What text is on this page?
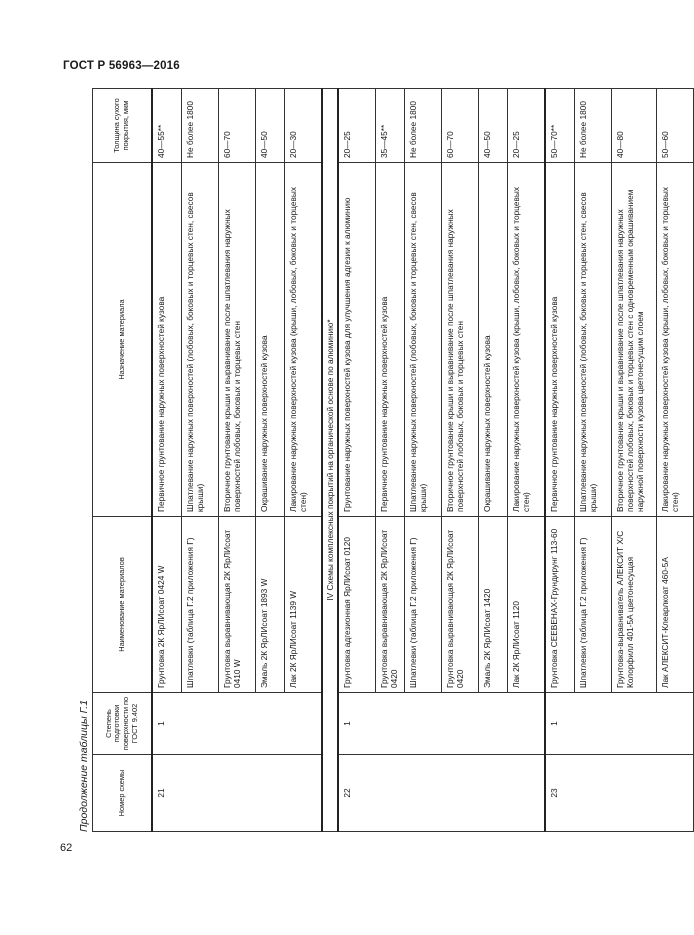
ГОСТ Р 56963—2016
Продолжение таблицы Г.1	Номер схемы	Степень подготовки поверхности по ГОСТ 9.402	Наименование материалов	Назначение материала	Толщина сухого покрытия, мкм
21	1	Грунтовка 2К ЯрЛИсоат 0424 W	Первичное грунтование наружных поверхностей кузова	40—55**
		Шпатлевки (таблица Г.2 приложения Г)	Шпатлевание наружных поверхностей (лобовых, боковых и торцевых стен, свесов крыши)	Не более 1800
		Грунтовка выравнивающая 2К ЯрЛИсоат 0410 W	Вторичное грунтование крыши и выравнивание после шпатлевания наружных поверхностей лобовых, боковых и торцевых стен	60—70
		Эмаль 2К ЯрЛИсоат 1893 W	Окрашивание наружных поверхностей кузова	40—50
		Лак 2К ЯрЛИсоат 1139 W	Лакирование наружных поверхностей кузова (крыши, лобовых, боковых и торцевых стен)	20—30
IV Схемы комплексных покрытий на органической основе по алюминию*				
22	1	Грунтовка адгезионная ЯрЛИсоат 0120	Грунтование наружных поверхностей кузова для улучшения адгезии к алюминию	20—25
		Грунтовка выравнивающая 2К ЯрЛИсоат 0420	Первичное грунтование наружных поверхностей кузова	35—45**
		Шпатлевки (таблица Г.2 приложения Г)	Шпатлевание наружных поверхностей (лобовых, боковых и торцевых стен, свесов крыши)	Не более 1800
		Грунтовка выравнивающая 2К ЯрЛИсоат 0420	Вторичное грунтование крыши и выравнивание после шпатлевания наружных поверхностей лобовых, боковых и торцевых стен	60—70
		Эмаль 2К ЯрЛИсоат 1420	Окрашивание наружных поверхностей кузова	40—50
		Лак 2К ЯрЛИсоат 1120	Лакирование наружных поверхностей кузова (крыши, лобовых, боковых и торцевых стен)	20—25
23	1	Грунтовка CEEBEHAX-Грундирунг 113-60	Первичное грунтование наружных поверхностей кузова	50—70**
		Шпатлевки (таблица Г.2 приложения Г)	Шпатлевание наружных поверхностей (лобовых, боковых и торцевых стен, свесов крыши)	Не более 1800
		Грунтовка-выравниватель АЛЕКСИТ Х/С Колорфилл 401-5А цветонесущая	Вторичное грунтование крыши и выравнивание после шпатлевания наружных поверхностей лобовых, боковых и торцевых стен с одновременным окрашиванием наружной поверхности кузова цветонесущим слоем	40—80
		Лак АЛЕКСИТ-Клеарлкоат 460-5А	Лакирование наружных поверхностей кузова (крыши, лобовых, боковых и торцевых стен)	50—60
62
